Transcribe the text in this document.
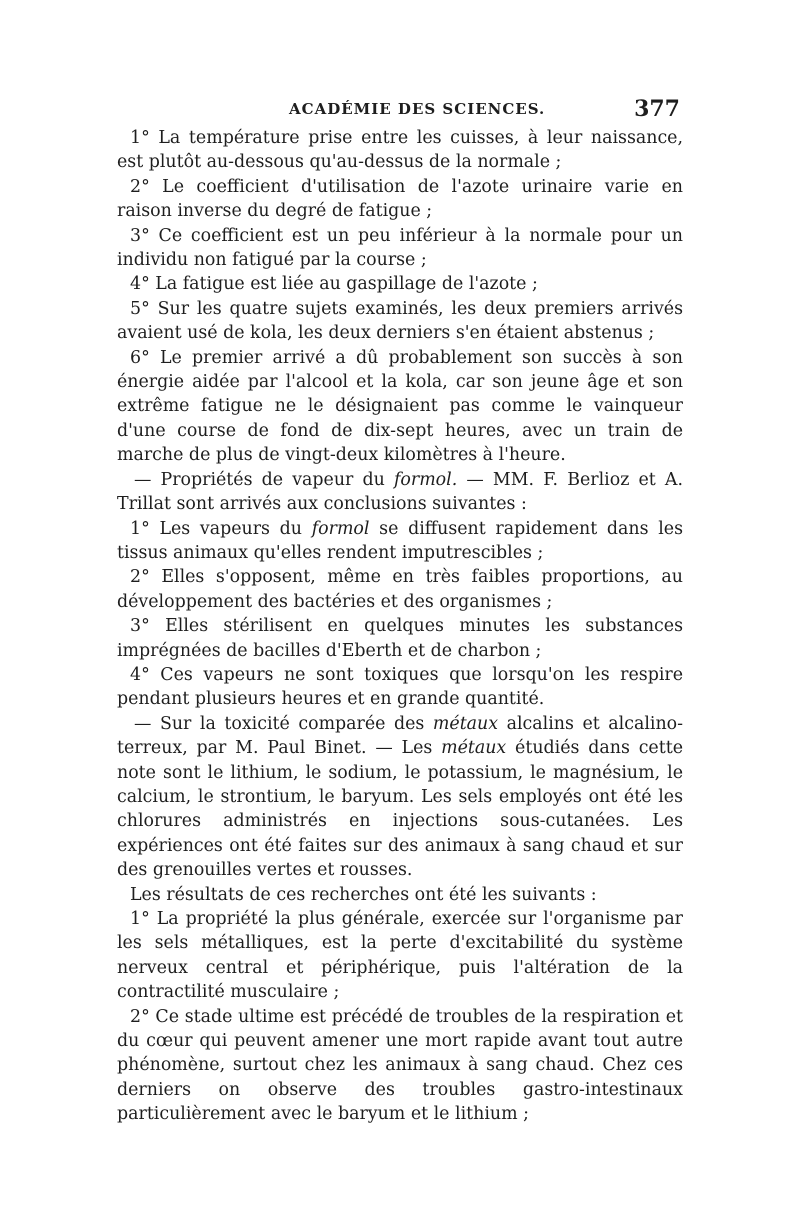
ACADÉMIE DES SCIENCES.	377

1° La température prise entre les cuisses, à leur naissance, est plutôt au-dessous qu'au-dessus de la normale ;

2° Le coefficient d'utilisation de l'azote urinaire varie en raison inverse du degré de fatigue ;

3° Ce coefficient est un peu inférieur à la normale pour un individu non fatigué par la course ;

4° La fatigue est liée au gaspillage de l'azote ;

5° Sur les quatre sujets examinés, les deux premiers arrivés avaient usé de kola, les deux derniers s'en étaient abstenus ;

6° Le premier arrivé a dû probablement son succès à son énergie aidée par l'alcool et la kola, car son jeune âge et son extrême fatigue ne le désignaient pas comme le vainqueur d'une course de fond de dix-sept heures, avec un train de marche de plus de vingt-deux kilomètres à l'heure.

— Propriétés de vapeur du formol. — MM. F. Berlioz et A. Trillat sont arrivés aux conclusions suivantes :

1° Les vapeurs du formol se diffusent rapidement dans les tissus animaux qu'elles rendent imputrescibles ;

2° Elles s'opposent, même en très faibles proportions, au développement des bactéries et des organismes ;

3° Elles stérilisent en quelques minutes les substances imprégnées de bacilles d'Eberth et de charbon ;

4° Ces vapeurs ne sont toxiques que lorsqu'on les respire pendant plusieurs heures et en grande quantité.

— Sur la toxicité comparée des métaux alcalins et alcalino-terreux, par M. Paul Binet. — Les métaux étudiés dans cette note sont le lithium, le sodium, le potassium, le magnésium, le calcium, le strontium, le baryum. Les sels employés ont été les chlorures administrés en injections sous-cutanées. Les expériences ont été faites sur des animaux à sang chaud et sur des grenouilles vertes et rousses.

Les résultats de ces recherches ont été les suivants :

1° La propriété la plus générale, exercée sur l'organisme par les sels métalliques, est la perte d'excitabilité du système nerveux central et périphérique, puis l'altération de la contractilité musculaire ;

2° Ce stade ultime est précédé de troubles de la respiration et du cœur qui peuvent amener une mort rapide avant tout autre phénomène, surtout chez les animaux à sang chaud. Chez ces derniers on observe des troubles gastro-intestinaux particulièrement avec le baryum et le lithium ;
